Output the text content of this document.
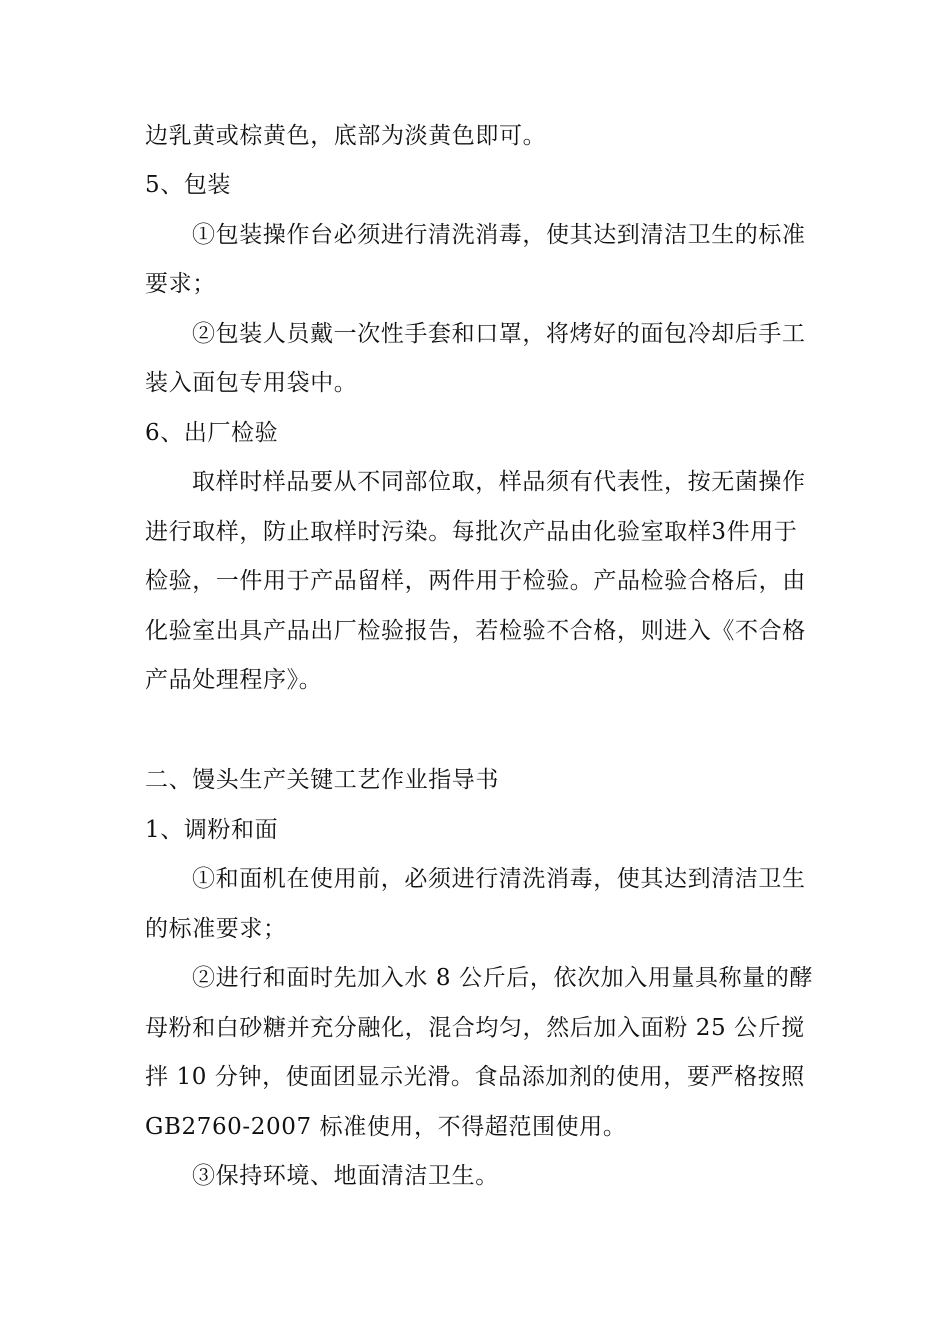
边乳黄或棕黄色，底部为淡黄色即可。
5、包装
①包装操作台必须进行清洗消毒，使其达到清洁卫生的标准
要求；
②包装人员戴一次性手套和口罩，将烤好的面包冷却后手工
装入面包专用袋中。
6、出厂检验
取样时样品要从不同部位取，样品须有代表性，按无菌操作
进行取样，防止取样时污染。每批次产品由化验室取样3件用于
检验，一件用于产品留样，两件用于检验。产品检验合格后，由
化验室出具产品出厂检验报告，若检验不合格，则进入《不合格
产品处理程序》。
二、馒头生产关键工艺作业指导书
1、调粉和面
①和面机在使用前，必须进行清洗消毒，使其达到清洁卫生
的标准要求；
②进行和面时先加入水 8 公斤后，依次加入用量具称量的酵
母粉和白砂糖并充分融化，混合均匀，然后加入面粉 25 公斤搅
拌 10 分钟，使面团显示光滑。食品添加剂的使用，要严格按照
GB2760-2007 标准使用，不得超范围使用。
③保持环境、地面清洁卫生。
